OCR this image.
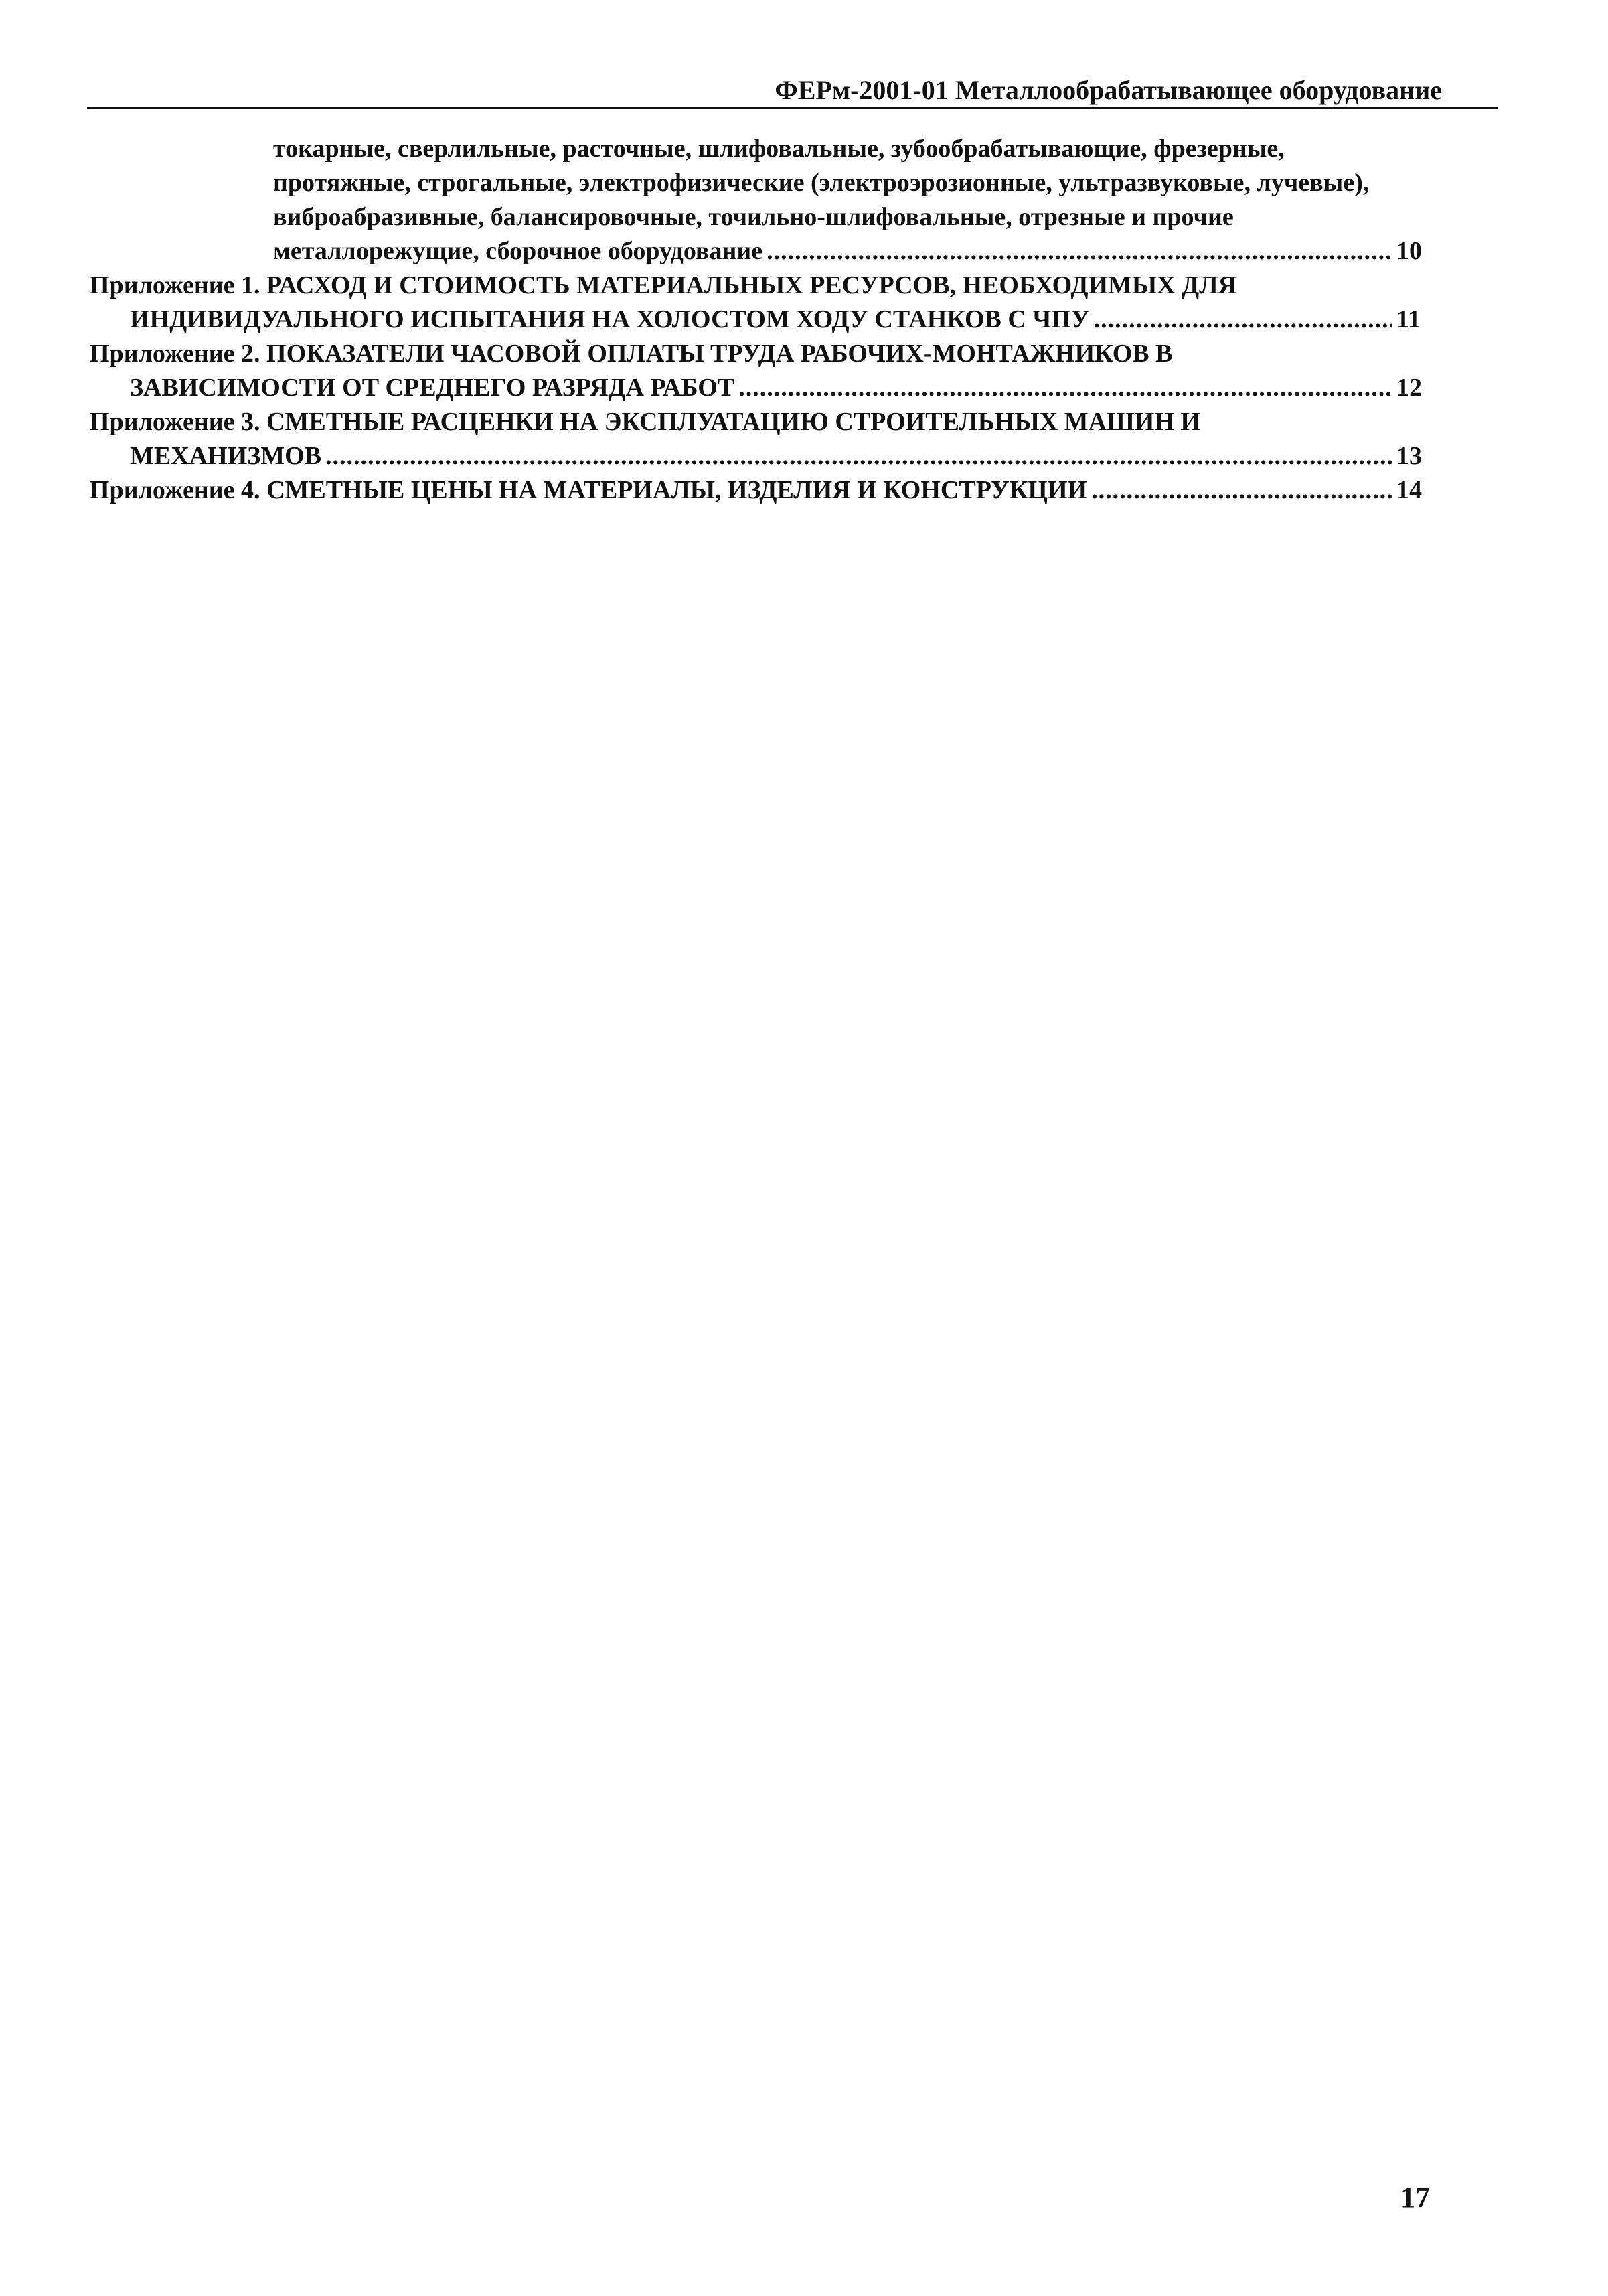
ФЕРм-2001-01 Металлообрабатывающее оборудование
токарные, сверлильные, расточные, шлифовальные, зубообрабатывающие, фрезерные,
протяжные, строгальные, электрофизические (электроэрозионные, ультразвуковые, лучевые),
виброабразивные, балансировочные, точильно-шлифовальные, отрезные и прочие
металлорежущие, сборочное оборудование .....	10
Приложение 1. РАСХОД И СТОИМОСТЬ МАТЕРИАЛЬНЫХ РЕСУРСОВ, НЕОБХОДИМЫХ ДЛЯ
ИНДИВИДУАЛЬНОГО ИСПЫТАНИЯ НА ХОЛОСТОМ ХОДУ СТАНКОВ С ЧПУ .....	11
Приложение 2. ПОКАЗАТЕЛИ ЧАСОВОЙ ОПЛАТЫ ТРУДА РАБОЧИХ-МОНТАЖНИКОВ В
ЗАВИСИМОСТИ ОТ СРЕДНЕГО РАЗРЯДА РАБОТ .....	12
Приложение 3. СМЕТНЫЕ РАСЦЕНКИ НА ЭКСПЛУАТАЦИЮ СТРОИТЕЛЬНЫХ МАШИН И
МЕХАНИЗМОВ .....	13
Приложение 4. СМЕТНЫЕ ЦЕНЫ НА МАТЕРИАЛЫ, ИЗДЕЛИЯ И КОНСТРУКЦИИ .....	14
17
